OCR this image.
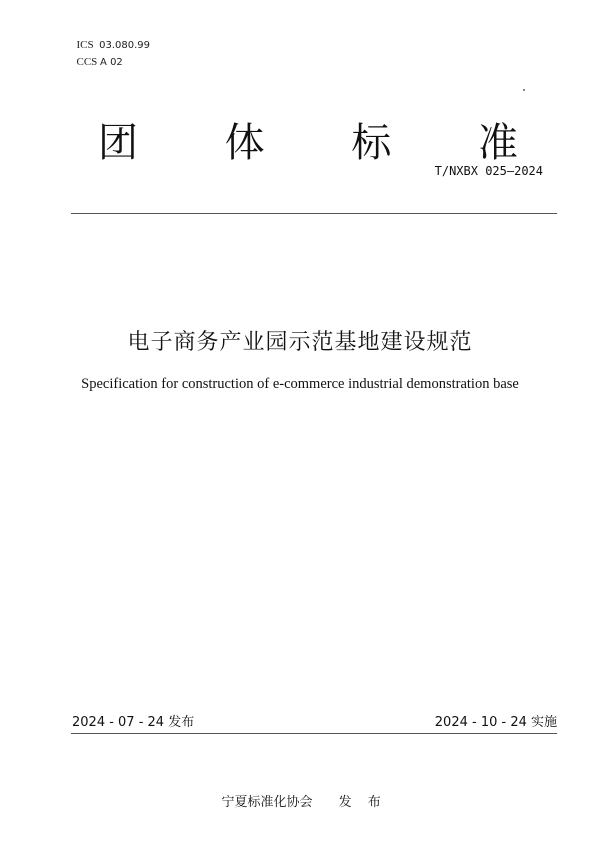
ICS 03.080.99

CCS A 02

团 体 标 准
T/NXBX 025—2024
电子商务产业园示范基地建设规范
Specification for construction of e-commerce industrial demonstration base
2024 - 07 - 24 发布	2024 - 10 - 24 实施

宁夏标准化协会 发 布
